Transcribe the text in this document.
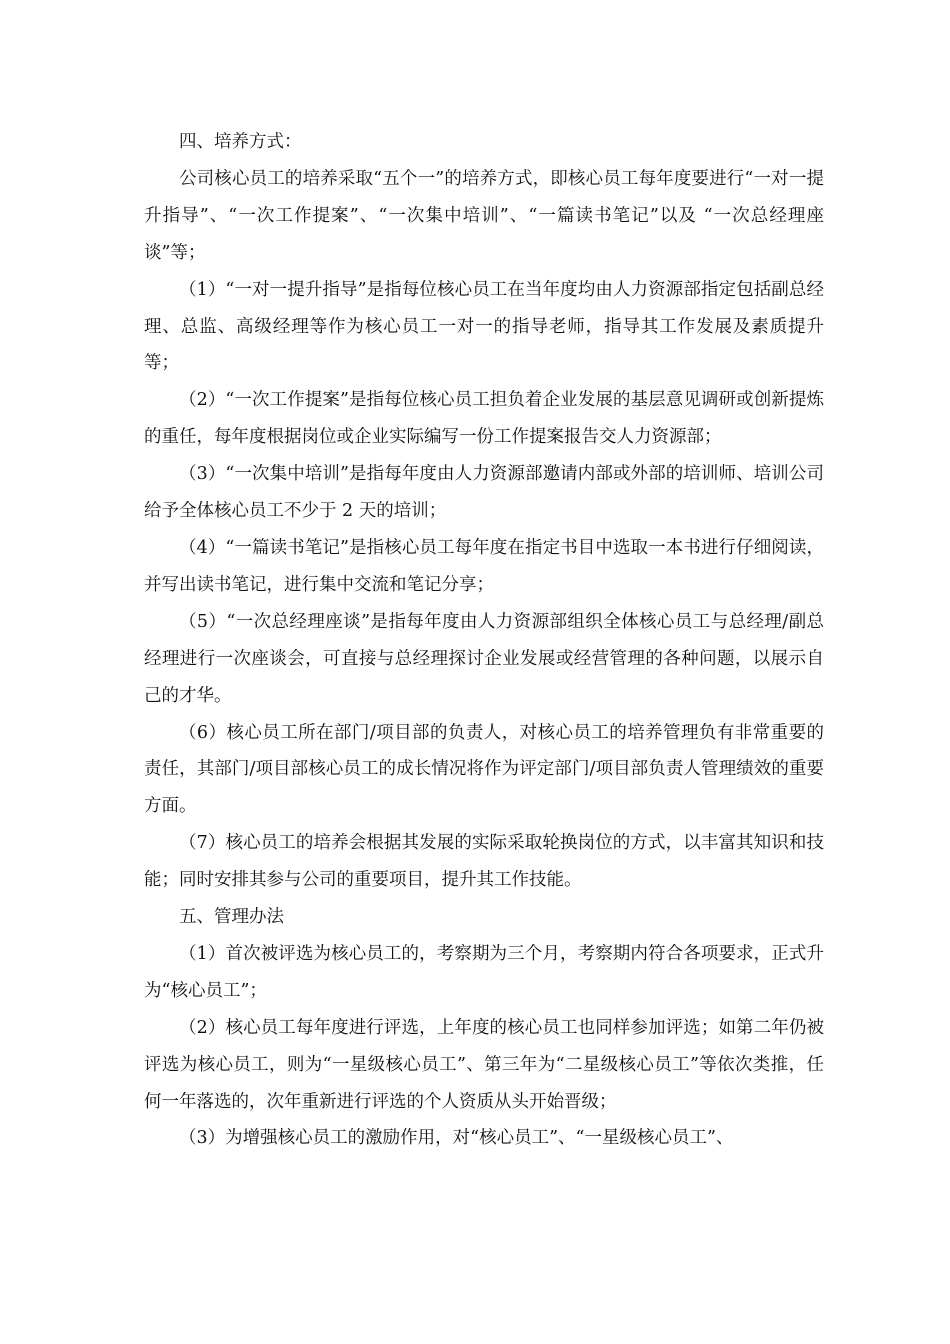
四、培养方式：

公司核心员工的培养采取“五个一”的培养方式，即核心员工每年度要进行“一对一提升指导”、“一次工作提案”、“一次集中培训”、“一篇读书笔记”以及 “一次总经理座谈”等；

（1）“一对一提升指导”是指每位核心员工在当年度均由人力资源部指定包括副总经理、总监、高级经理等作为核心员工一对一的指导老师，指导其工作发展及素质提升等；

（2）“一次工作提案”是指每位核心员工担负着企业发展的基层意见调研或创新提炼的重任，每年度根据岗位或企业实际编写一份工作提案报告交人力资源部；

（3）“一次集中培训”是指每年度由人力资源部邀请内部或外部的培训师、培训公司给予全体核心员工不少于 2 天的培训；

（4）“一篇读书笔记”是指核心员工每年度在指定书目中选取一本书进行仔细阅读，并写出读书笔记，进行集中交流和笔记分享；

（5）“一次总经理座谈”是指每年度由人力资源部组织全体核心员工与总经理/副总经理进行一次座谈会，可直接与总经理探讨企业发展或经营管理的各种问题，以展示自己的才华。

（6）核心员工所在部门/项目部的负责人，对核心员工的培养管理负有非常重要的责任，其部门/项目部核心员工的成长情况将作为评定部门/项目部负责人管理绩效的重要方面。

（7）核心员工的培养会根据其发展的实际采取轮换岗位的方式，以丰富其知识和技能；同时安排其参与公司的重要项目，提升其工作技能。

五、管理办法

（1）首次被评选为核心员工的，考察期为三个月，考察期内符合各项要求，正式升为“核心员工”；

（2）核心员工每年度进行评选，上年度的核心员工也同样参加评选；如第二年仍被评选为核心员工，则为“一星级核心员工”、第三年为“二星级核心员工”等依次类推，任何一年落选的，次年重新进行评选的个人资质从头开始晋级；

（3）为增强核心员工的激励作用，对“核心员工”、“一星级核心员工”、
